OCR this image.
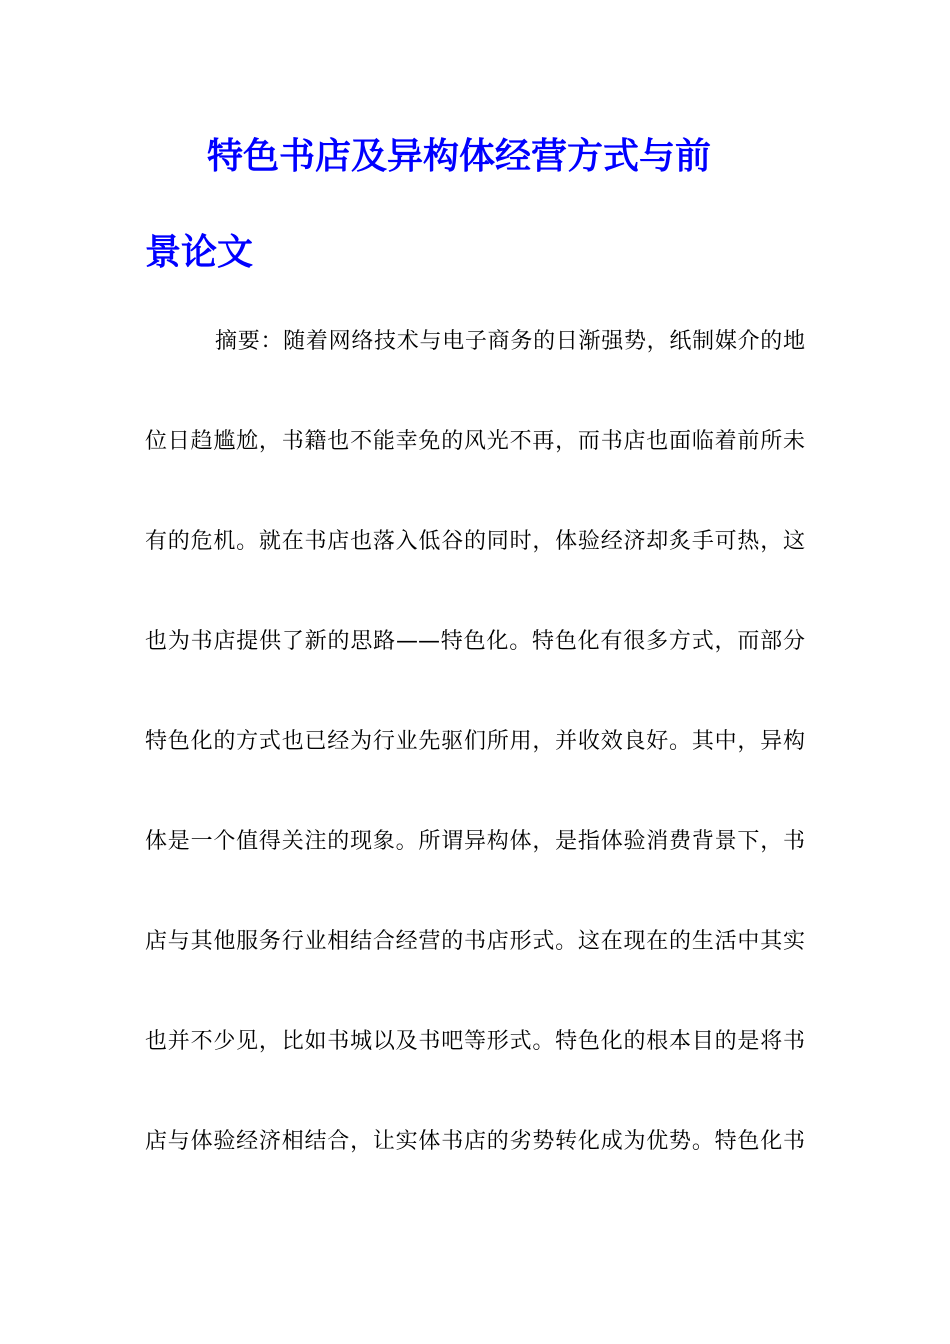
特色书店及异构体经营方式与前
景论文

摘要：随着网络技术与电子商务的日渐强势，纸制媒介的地

位日趋尴尬，书籍也不能幸免的风光不再，而书店也面临着前所未

有的危机。就在书店也落入低谷的同时，体验经济却炙手可热，这

也为书店提供了新的思路——特色化。特色化有很多方式，而部分

特色化的方式也已经为行业先驱们所用，并收效良好。其中，异构

体是一个值得关注的现象。所谓异构体，是指体验消费背景下，书

店与其他服务行业相结合经营的书店形式。这在现在的生活中其实

也并不少见，比如书城以及书吧等形式。特色化的根本目的是将书

店与体验经济相结合，让实体书店的劣势转化成为优势。特色化书
